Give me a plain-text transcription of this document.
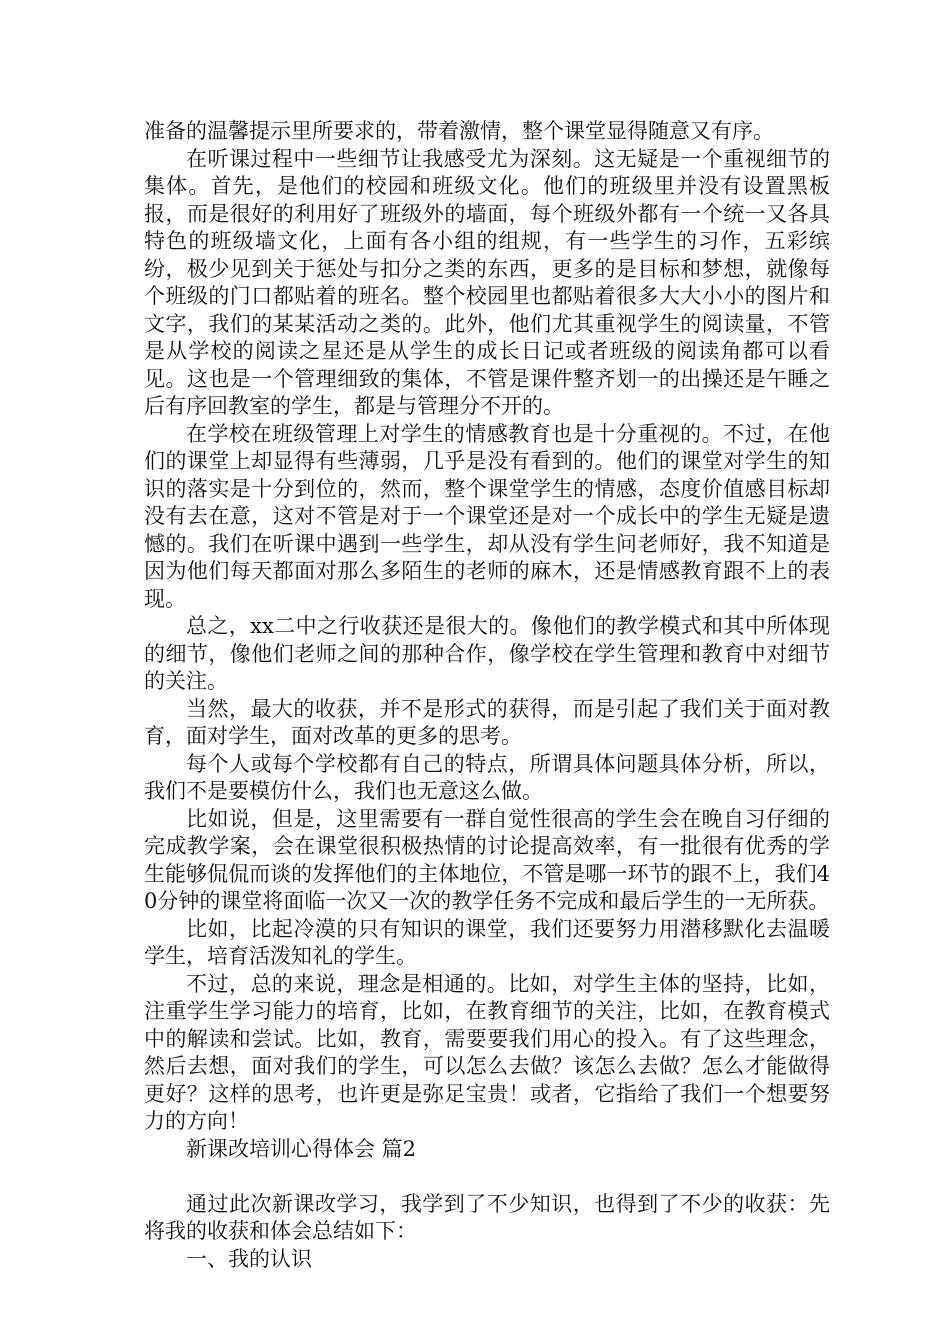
准备的温馨提示里所要求的，带着激情，整个课堂显得随意又有序。

在听课过程中一些细节让我感受尤为深刻。这无疑是一个重视细节的集体。首先，是他们的校园和班级文化。他们的班级里并没有设置黑板报，而是很好的利用好了班级外的墙面，每个班级外都有一个统一又各具特色的班级墙文化，上面有各小组的组规，有一些学生的习作，五彩缤纷，极少见到关于惩处与扣分之类的东西，更多的是目标和梦想，就像每个班级的门口都贴着的班名。整个校园里也都贴着很多大大小小的图片和文字，我们的某某活动之类的。此外，他们尤其重视学生的阅读量，不管是从学校的阅读之星还是从学生的成长日记或者班级的阅读角都可以看见。这也是一个管理细致的集体，不管是课件整齐划一的出操还是午睡之后有序回教室的学生，都是与管理分不开的。

在学校在班级管理上对学生的情感教育也是十分重视的。不过，在他们的课堂上却显得有些薄弱，几乎是没有看到的。他们的课堂对学生的知识的落实是十分到位的，然而，整个课堂学生的情感，态度价值感目标却没有去在意，这对不管是对于一个课堂还是对一个成长中的学生无疑是遗憾的。我们在听课中遇到一些学生，却从没有学生问老师好，我不知道是因为他们每天都面对那么多陌生的老师的麻木，还是情感教育跟不上的表现。

总之，xx二中之行收获还是很大的。像他们的教学模式和其中所体现的细节，像他们老师之间的那种合作，像学校在学生管理和教育中对细节的关注。

当然，最大的收获，并不是形式的获得，而是引起了我们关于面对教育，面对学生，面对改革的更多的思考。

每个人或每个学校都有自己的特点，所谓具体问题具体分析，所以，我们不是要模仿什么，我们也无意这么做。

比如说，但是，这里需要有一群自觉性很高的学生会在晚自习仔细的完成教学案，会在课堂很积极热情的讨论提高效率，有一批很有优秀的学生能够侃侃而谈的发挥他们的主体地位，不管是哪一环节的跟不上，我们40分钟的课堂将面临一次又一次的教学任务不完成和最后学生的一无所获。

比如，比起冷漠的只有知识的课堂，我们还要努力用潜移默化去温暖学生，培育活泼知礼的学生。

不过，总的来说，理念是相通的。比如，对学生主体的坚持，比如，注重学生学习能力的培育，比如，在教育细节的关注，比如，在教育模式中的解读和尝试。比如，教育，需要要我们用心的投入。有了这些理念，然后去想，面对我们的学生，可以怎么去做？该怎么去做？怎么才能做得更好？这样的思考，也许更是弥足宝贵！或者，它指给了我们一个想要努力的方向！

新课改培训心得体会 篇2

通过此次新课改学习，我学到了不少知识，也得到了不少的收获：先将我的收获和体会总结如下：

一、我的认识
